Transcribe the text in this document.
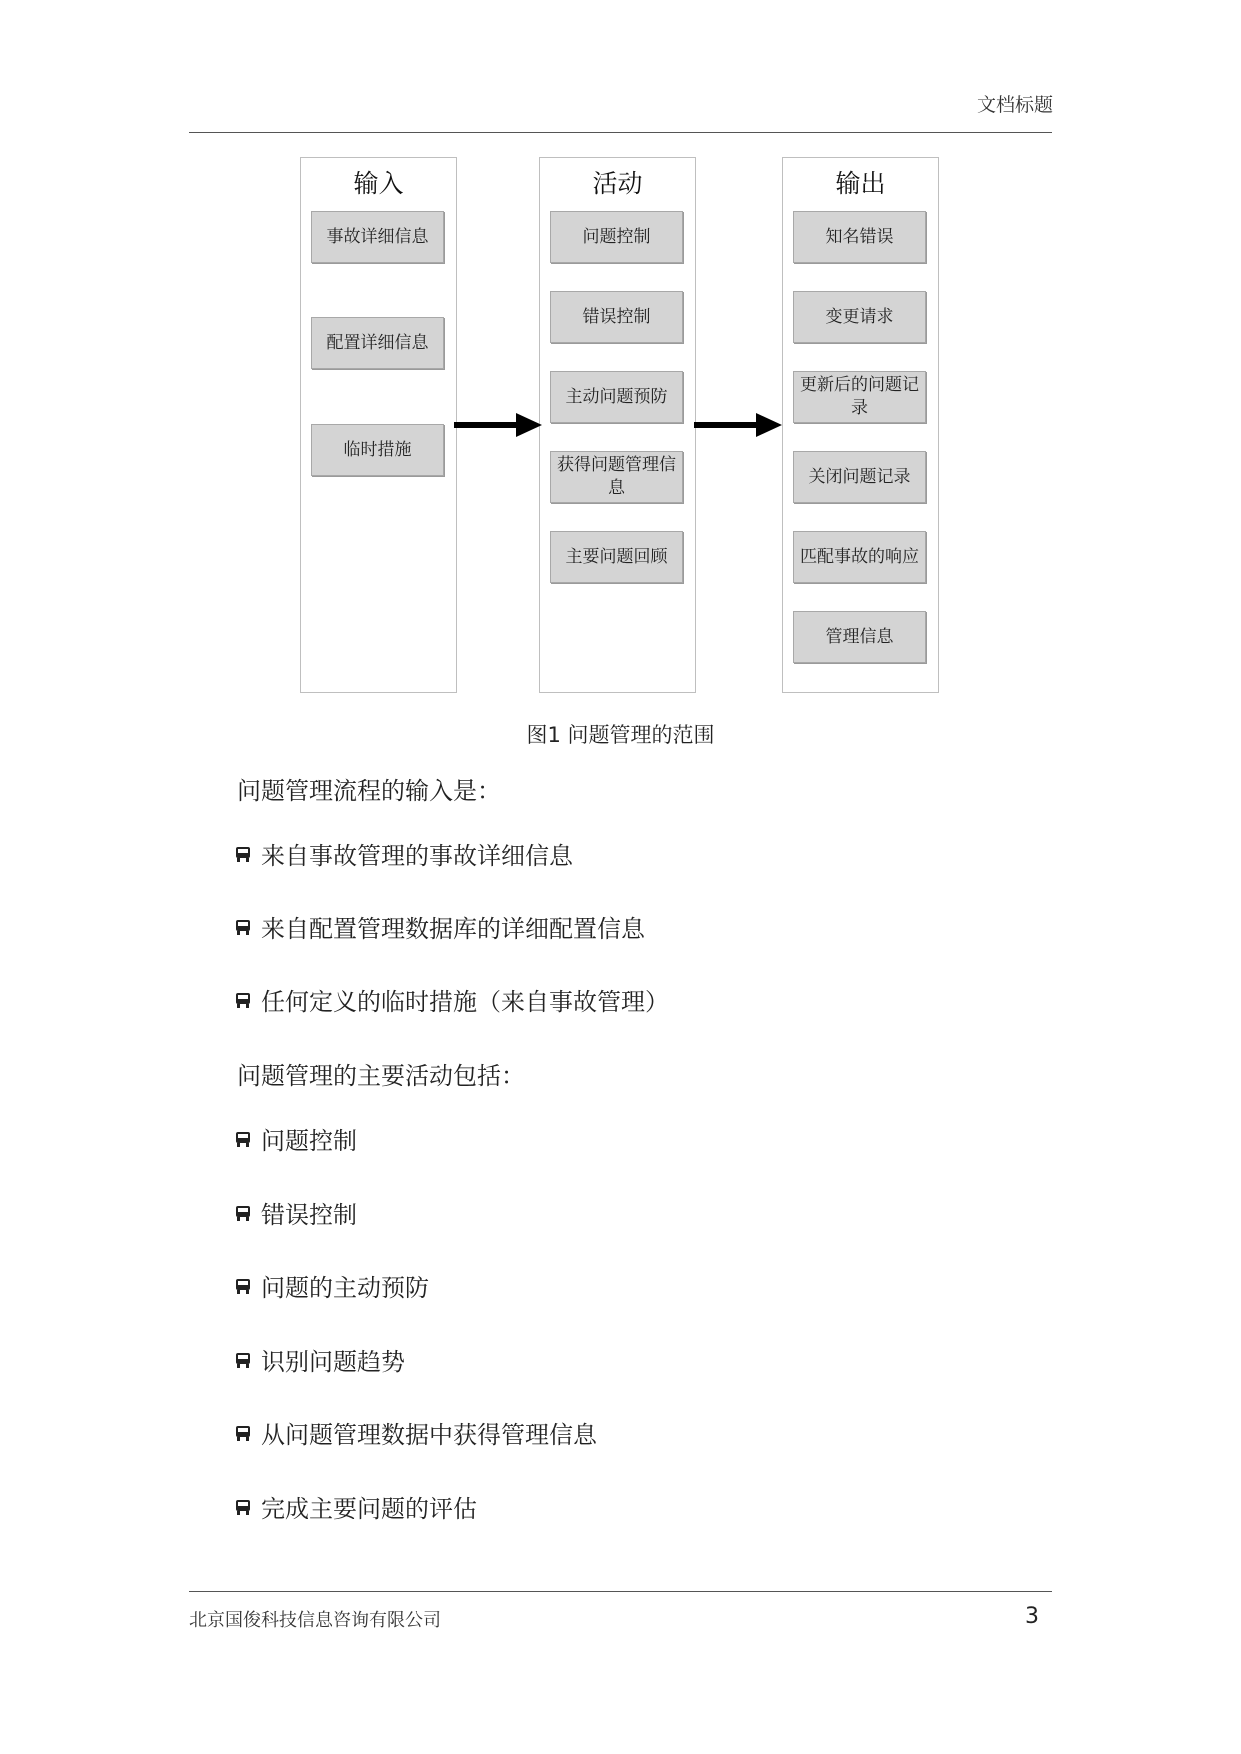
文档标题
输入
事故详细信息
配置详细信息
临时措施
活动
问题控制
错误控制
主动问题预防
获得问题管理信息
主要问题回顾
输出
知名错误
变更请求
更新后的问题记录
关闭问题记录
匹配事故的响应
管理信息
图1 问题管理的范围
问题管理流程的输入是：
来自事故管理的事故详细信息
来自配置管理数据库的详细配置信息
任何定义的临时措施（来自事故管理）
问题管理的主要活动包括：
问题控制
错误控制
问题的主动预防
识别问题趋势
从问题管理数据中获得管理信息
完成主要问题的评估
北京国俊科技信息咨询有限公司	3
